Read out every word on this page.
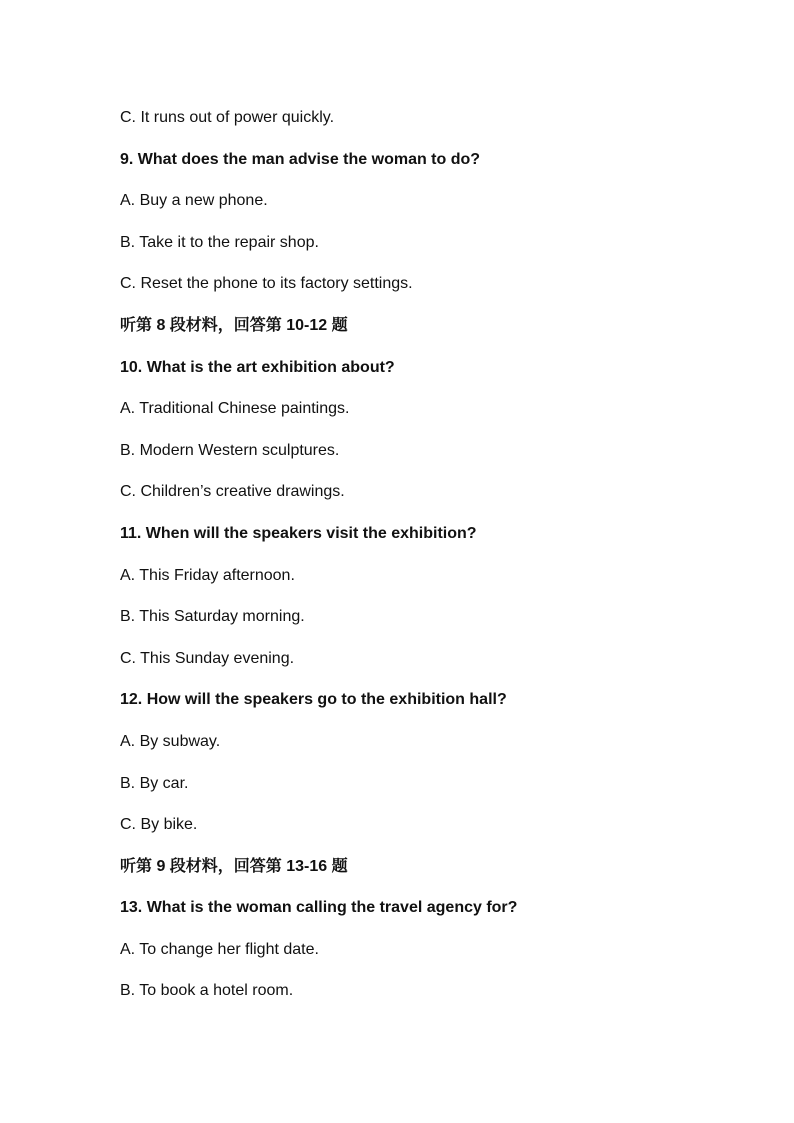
C. It runs out of power quickly.
9. What does the man advise the woman to do?
A. Buy a new phone.
B. Take it to the repair shop.
C. Reset the phone to its factory settings.
听第 8 段材料，回答第 10-12 题
10. What is the art exhibition about?
A. Traditional Chinese paintings.
B. Modern Western sculptures.
C. Children’s creative drawings.
11. When will the speakers visit the exhibition?
A. This Friday afternoon.
B. This Saturday morning.
C. This Sunday evening.
12. How will the speakers go to the exhibition hall?
A. By subway.
B. By car.
C. By bike.
听第 9 段材料，回答第 13-16 题
13. What is the woman calling the travel agency for?
A. To change her flight date.
B. To book a hotel room.
